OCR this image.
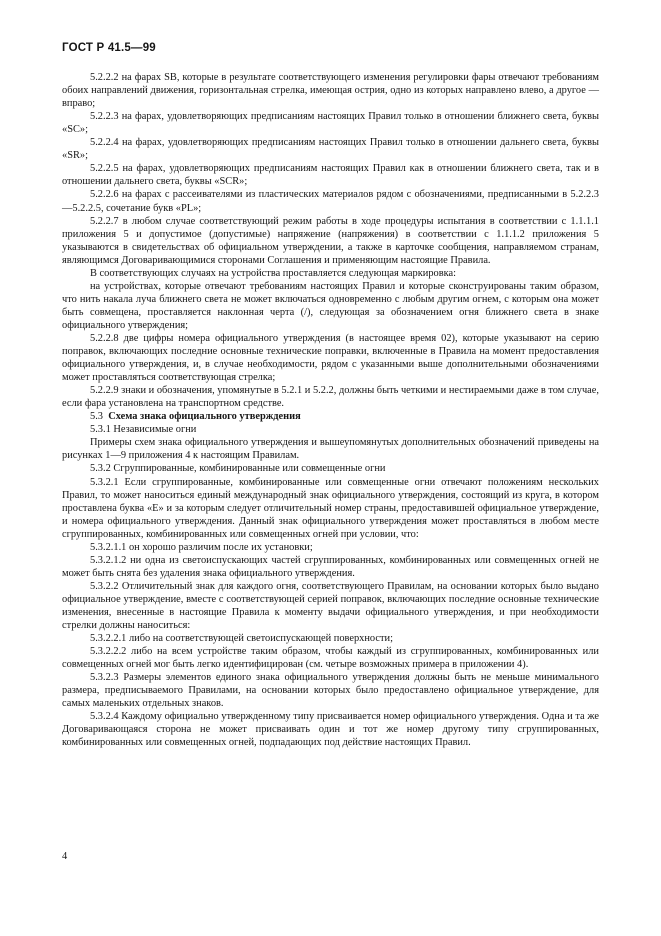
ГОСТ Р 41.5—99

5.2.2.2 на фарах SB, которые в результате соответствующего изменения регулировки фары отвечают требованиям обоих направлений движения, горизонтальная стрелка, имеющая острия, одно из которых направлено влево, а другое — вправо;

5.2.2.3 на фарах, удовлетворяющих предписаниям настоящих Правил только в отношении ближнего света, буквы «SC»;

5.2.2.4 на фарах, удовлетворяющих предписаниям настоящих Правил только в отношении дальнего света, буквы «SR»;

5.2.2.5 на фарах, удовлетворяющих предписаниям настоящих Правил как в отношении ближнего света, так и в отношении дальнего света, буквы «SCR»;

5.2.2.6 на фарах с рассеивателями из пластических материалов рядом с обозначениями, предписанными в 5.2.2.3—5.2.2.5, сочетание букв «PL»;

5.2.2.7 в любом случае соответствующий режим работы в ходе процедуры испытания в соответствии с 1.1.1.1 приложения 5 и допустимое (допустимые) напряжение (напряжения) в соответствии с 1.1.1.2 приложения 5 указываются в свидетельствах об официальном утверждении, а также в карточке сообщения, направляемом странам, являющимся Договаривающимися сторонами Соглашения и применяющим настоящие Правила.

В соответствующих случаях на устройства проставляется следующая маркировка:

на устройствах, которые отвечают требованиям настоящих Правил и которые сконструированы таким образом, что нить накала луча ближнего света не может включаться одновременно с любым другим огнем, с которым она может быть совмещена, проставляется наклонная черта (/), следующая за обозначением огня ближнего света в знаке официального утверждения;

5.2.2.8 две цифры номера официального утверждения (в настоящее время 02), которые указывают на серию поправок, включающих последние основные технические поправки, включенные в Правила на момент предоставления официального утверждения, и, в случае необходимости, рядом с указанными выше дополнительными обозначениями может проставляться соответствующая стрелка;

5.2.2.9 знаки и обозначения, упомянутые в 5.2.1 и 5.2.2, должны быть четкими и нестираемыми даже в том случае, если фара установлена на транспортном средстве.

5.3 Схема знака официального утверждения

5.3.1 Независимые огни

Примеры схем знака официального утверждения и вышеупомянутых дополнительных обозначений приведены на рисунках 1—9 приложения 4 к настоящим Правилам.

5.3.2 Сгруппированные, комбинированные или совмещенные огни

5.3.2.1 Если сгруппированные, комбинированные или совмещенные огни отвечают положениям нескольких Правил, то может наноситься единый международный знак официального утверждения, состоящий из круга, в котором проставлена буква «Е» и за которым следует отличительный номер страны, предоставившей официальное утверждение, и номера официального утверждения. Данный знак официального утверждения может проставляться в любом месте сгруппированных, комбинированных или совмещенных огней при условии, что:

5.3.2.1.1 он хорошо различим после их установки;

5.3.2.1.2 ни одна из светоиспускающих частей сгруппированных, комбинированных или совмещенных огней не может быть снята без удаления знака официального утверждения.

5.3.2.2 Отличительный знак для каждого огня, соответствующего Правилам, на основании которых было выдано официальное утверждение, вместе с соответствующей серией поправок, включающих последние основные технические изменения, внесенные в настоящие Правила к моменту выдачи официального утверждения, и при необходимости стрелки должны наноситься:

5.3.2.2.1 либо на соответствующей светоиспускающей поверхности;

5.3.2.2.2 либо на всем устройстве таким образом, чтобы каждый из сгруппированных, комбинированных или совмещенных огней мог быть легко идентифицирован (см. четыре возможных примера в приложении 4).

5.3.2.3 Размеры элементов единого знака официального утверждения должны быть не меньше минимального размера, предписываемого Правилами, на основании которых было предоставлено официальное утверждение, для самых маленьких отдельных знаков.

5.3.2.4 Каждому официально утвержденному типу присваивается номер официального утверждения. Одна и та же Договаривающаяся сторона не может присваивать один и тот же номер другому типу сгруппированных, комбинированных или совмещенных огней, подпадающих под действие настоящих Правил.

4
